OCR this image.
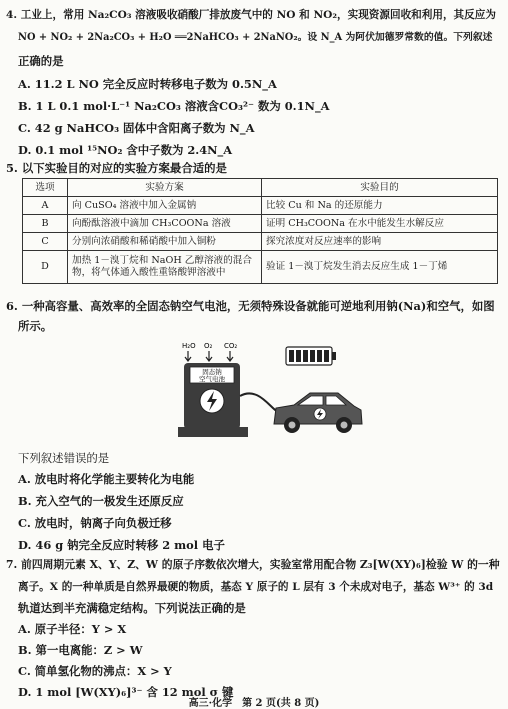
4. 工业上，常用 Na₂CO₃ 溶液吸收硝酸厂排放废气中的 NO 和 NO₂，实现资源回收和利用，其反应为
NO + NO₂ + 2Na₂CO₃ + H₂O ══2NaHCO₃ + 2NaNO₂。设 N_A 为阿伏加德罗常数的值。下列叙述
正确的是
A. 11.2 L NO 完全反应时转移电子数为 0.5N_A
B. 1 L 0.1 mol·L⁻¹ Na₂CO₃ 溶液含CO₃²⁻ 数为 0.1N_A
C. 42 g NaHCO₃ 固体中含阳离子数为 N_A
D. 0.1 mol ¹⁵NO₂ 含中子数为 2.4N_A
5. 以下实验目的对应的实验方案最合适的是
选项	实验方案	实验目的
A	向 CuSO₄ 溶液中加入金属钠	比较 Cu 和 Na 的还原能力
B	向酚酞溶液中滴加 CH₃COONa 溶液	证明 CH₃COONa 在水中能发生水解反应
C	分别向浓硝酸和稀硝酸中加入铜粉	探究浓度对反应速率的影响
D	加热 1－溴丁烷和 NaOH 乙醇溶液的混合
物，将气体通入酸性重铬酸钾溶液中	验证 1－溴丁烷发生消去反应生成 1－丁烯
6. 一种高容量、高效率的全固态钠空气电池，无须特殊设备就能可逆地利用钠(Na)和空气，如图
所示。
H₂O O₂ CO₂
固态钠
空气电池
下列叙述错误的是
A. 放电时将化学能主要转化为电能
B. 充入空气的一极发生还原反应
C. 放电时，钠离子向负极迁移
D. 46 g 钠完全反应时转移 2 mol 电子
7. 前四周期元素 X、Y、Z、W 的原子序数依次增大，实验室常用配合物 Z₃[W(XY)₆]检验 W 的一种
离子。X 的一种单质是自然界最硬的物质，基态 Y 原子的 L 层有 3 个未成对电子，基态 W³⁺ 的 3d
轨道达到半充满稳定结构。下列说法正确的是
A. 原子半径：Y > X
B. 第一电离能：Z > W
C. 简单氢化物的沸点：X > Y
D. 1 mol [W(XY)₆]³⁻ 含 12 mol σ 键
高三·化学　第 2 页(共 8 页)
